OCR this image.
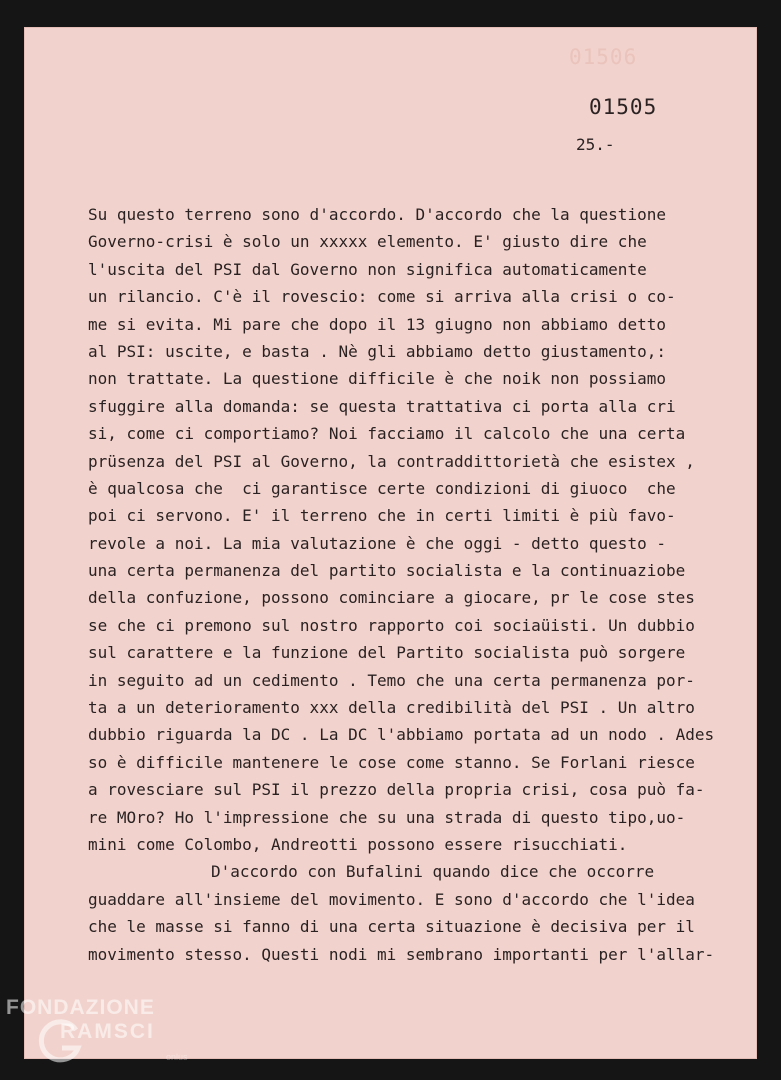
01506
01505
25.-
Su questo terreno sono d'accordo. D'accordo che la questione
Governo-crisi è solo un xxxxx elemento. E' giusto dire che
l'uscita del PSI dal Governo non significa automaticamente
un rilancio. C'è il rovescio: come si arriva alla crisi o co-
me si evita. Mi pare che dopo il 13 giugno non abbiamo detto
al PSI: uscite, e basta . Nè gli abbiamo detto giustamento,:
non trattate. La questione difficile è che noik non possiamo
sfuggire alla domanda: se questa trattativa ci porta alla cri
si, come ci comportiamo? Noi facciamo il calcolo che una certa
prüsenza del PSI al Governo, la contraddittorietà che esistex ,
è qualcosa che  ci garantisce certe condizioni di giuoco  che
poi ci servono. E' il terreno che in certi limiti è più favo-
revole a noi. La mia valutazione è che oggi - detto questo -
una certa permanenza del partito socialista e la continuaziobe
della confuzione, possono cominciare a giocare, pr le cose stes
se che ci premono sul nostro rapporto coi sociaüisti. Un dubbio
sul carattere e la funzione del Partito socialista può sorgere
in seguito ad un cedimento . Temo che una certa permanenza por-
ta a un deterioramento xxx della credibilità del PSI . Un altro
dubbio riguarda la DC . La DC l'abbiamo portata ad un nodo . Ades
so è difficile mantenere le cose come stanno. Se Forlani riesce
a rovesciare sul PSI il prezzo della propria crisi, cosa può fa-
re MOro? Ho l'impressione che su una strada di questo tipo,uo-
mini come Colombo, Andreotti possono essere risucchiati.
D'accordo con Bufalini quando dice che occorre
guaddare all'insieme del movimento. E sono d'accordo che l'idea
che le masse si fanno di una certa situazione è decisiva per il
movimento stesso. Questi nodi mi sembrano importanti per l'allar-
FONDAZIONE
RAMSCI
onlus
